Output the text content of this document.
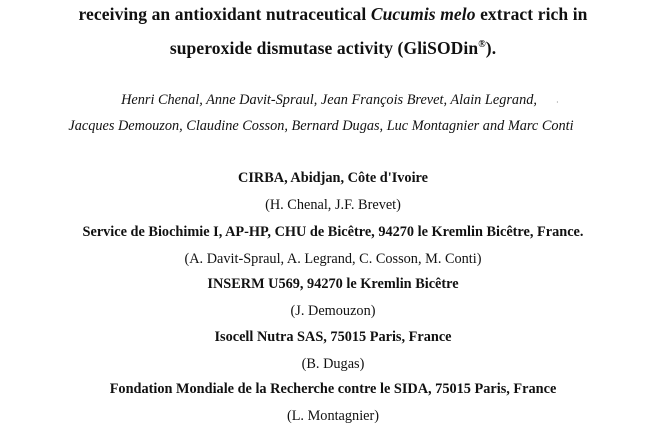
receiving an antioxidant nutraceutical Cucumis melo extract rich in
superoxide dismutase activity (GliSODin®).
Henri Chenal, Anne Davit-Spraul, Jean François Brevet, Alain Legrand,	·
Jacques Demouzon, Claudine Cosson, Bernard Dugas, Luc Montagnier and Marc Conti
CIRBA, Abidjan, Côte d'Ivoire
(H. Chenal, J.F. Brevet)
Service de Biochimie I, AP-HP, CHU de Bicêtre, 94270 le Kremlin Bicêtre, France.
(A. Davit-Spraul, A. Legrand, C. Cosson, M. Conti)
INSERM U569, 94270 le Kremlin Bicêtre
(J. Demouzon)
Isocell Nutra SAS, 75015 Paris, France
(B. Dugas)
Fondation Mondiale de la Recherche contre le SIDA, 75015 Paris, France
(L. Montagnier)
